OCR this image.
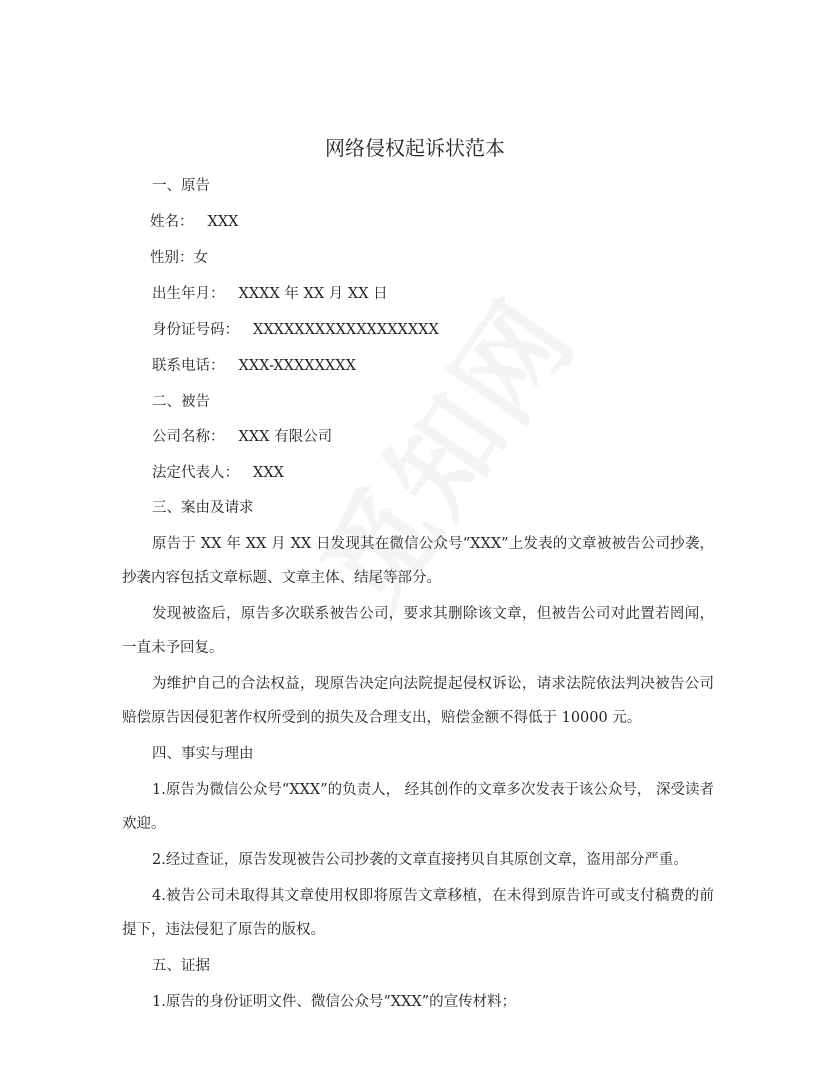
网络侵权起诉状范本
一、原告
姓名： XXX
性别：女
出生年月： XXXX 年 XX 月 XX 日
身份证号码： XXXXXXXXXXXXXXXXXX
联系电话： XXX-XXXXXXXX
二、被告
公司名称： XXX 有限公司
法定代表人： XXX
三、案由及请求
原告于 XX 年 XX 月 XX 日发现其在微信公众号“XXX”上发表的文章被被告公司抄袭，抄袭内容包括文章标题、文章主体、结尾等部分。
发现被盗后，原告多次联系被告公司，要求其删除该文章，但被告公司对此置若罔闻，一直未予回复。
为维护自己的合法权益，现原告决定向法院提起侵权诉讼，请求法院依法判决被告公司赔偿原告因侵犯著作权所受到的损失及合理支出，赔偿金额不得低于 10000 元。
四、事实与理由
1.原告为微信公众号“XXX”的负责人， 经其创作的文章多次发表于该公众号， 深受读者欢迎。
2.经过查证，原告发现被告公司抄袭的文章直接拷贝自其原创文章，盗用部分严重。
4.被告公司未取得其文章使用权即将原告文章移植，在未得到原告许可或支付稿费的前提下，违法侵犯了原告的版权。
五、证据
1.原告的身份证明文件、微信公众号“XXX”的宣传材料；
